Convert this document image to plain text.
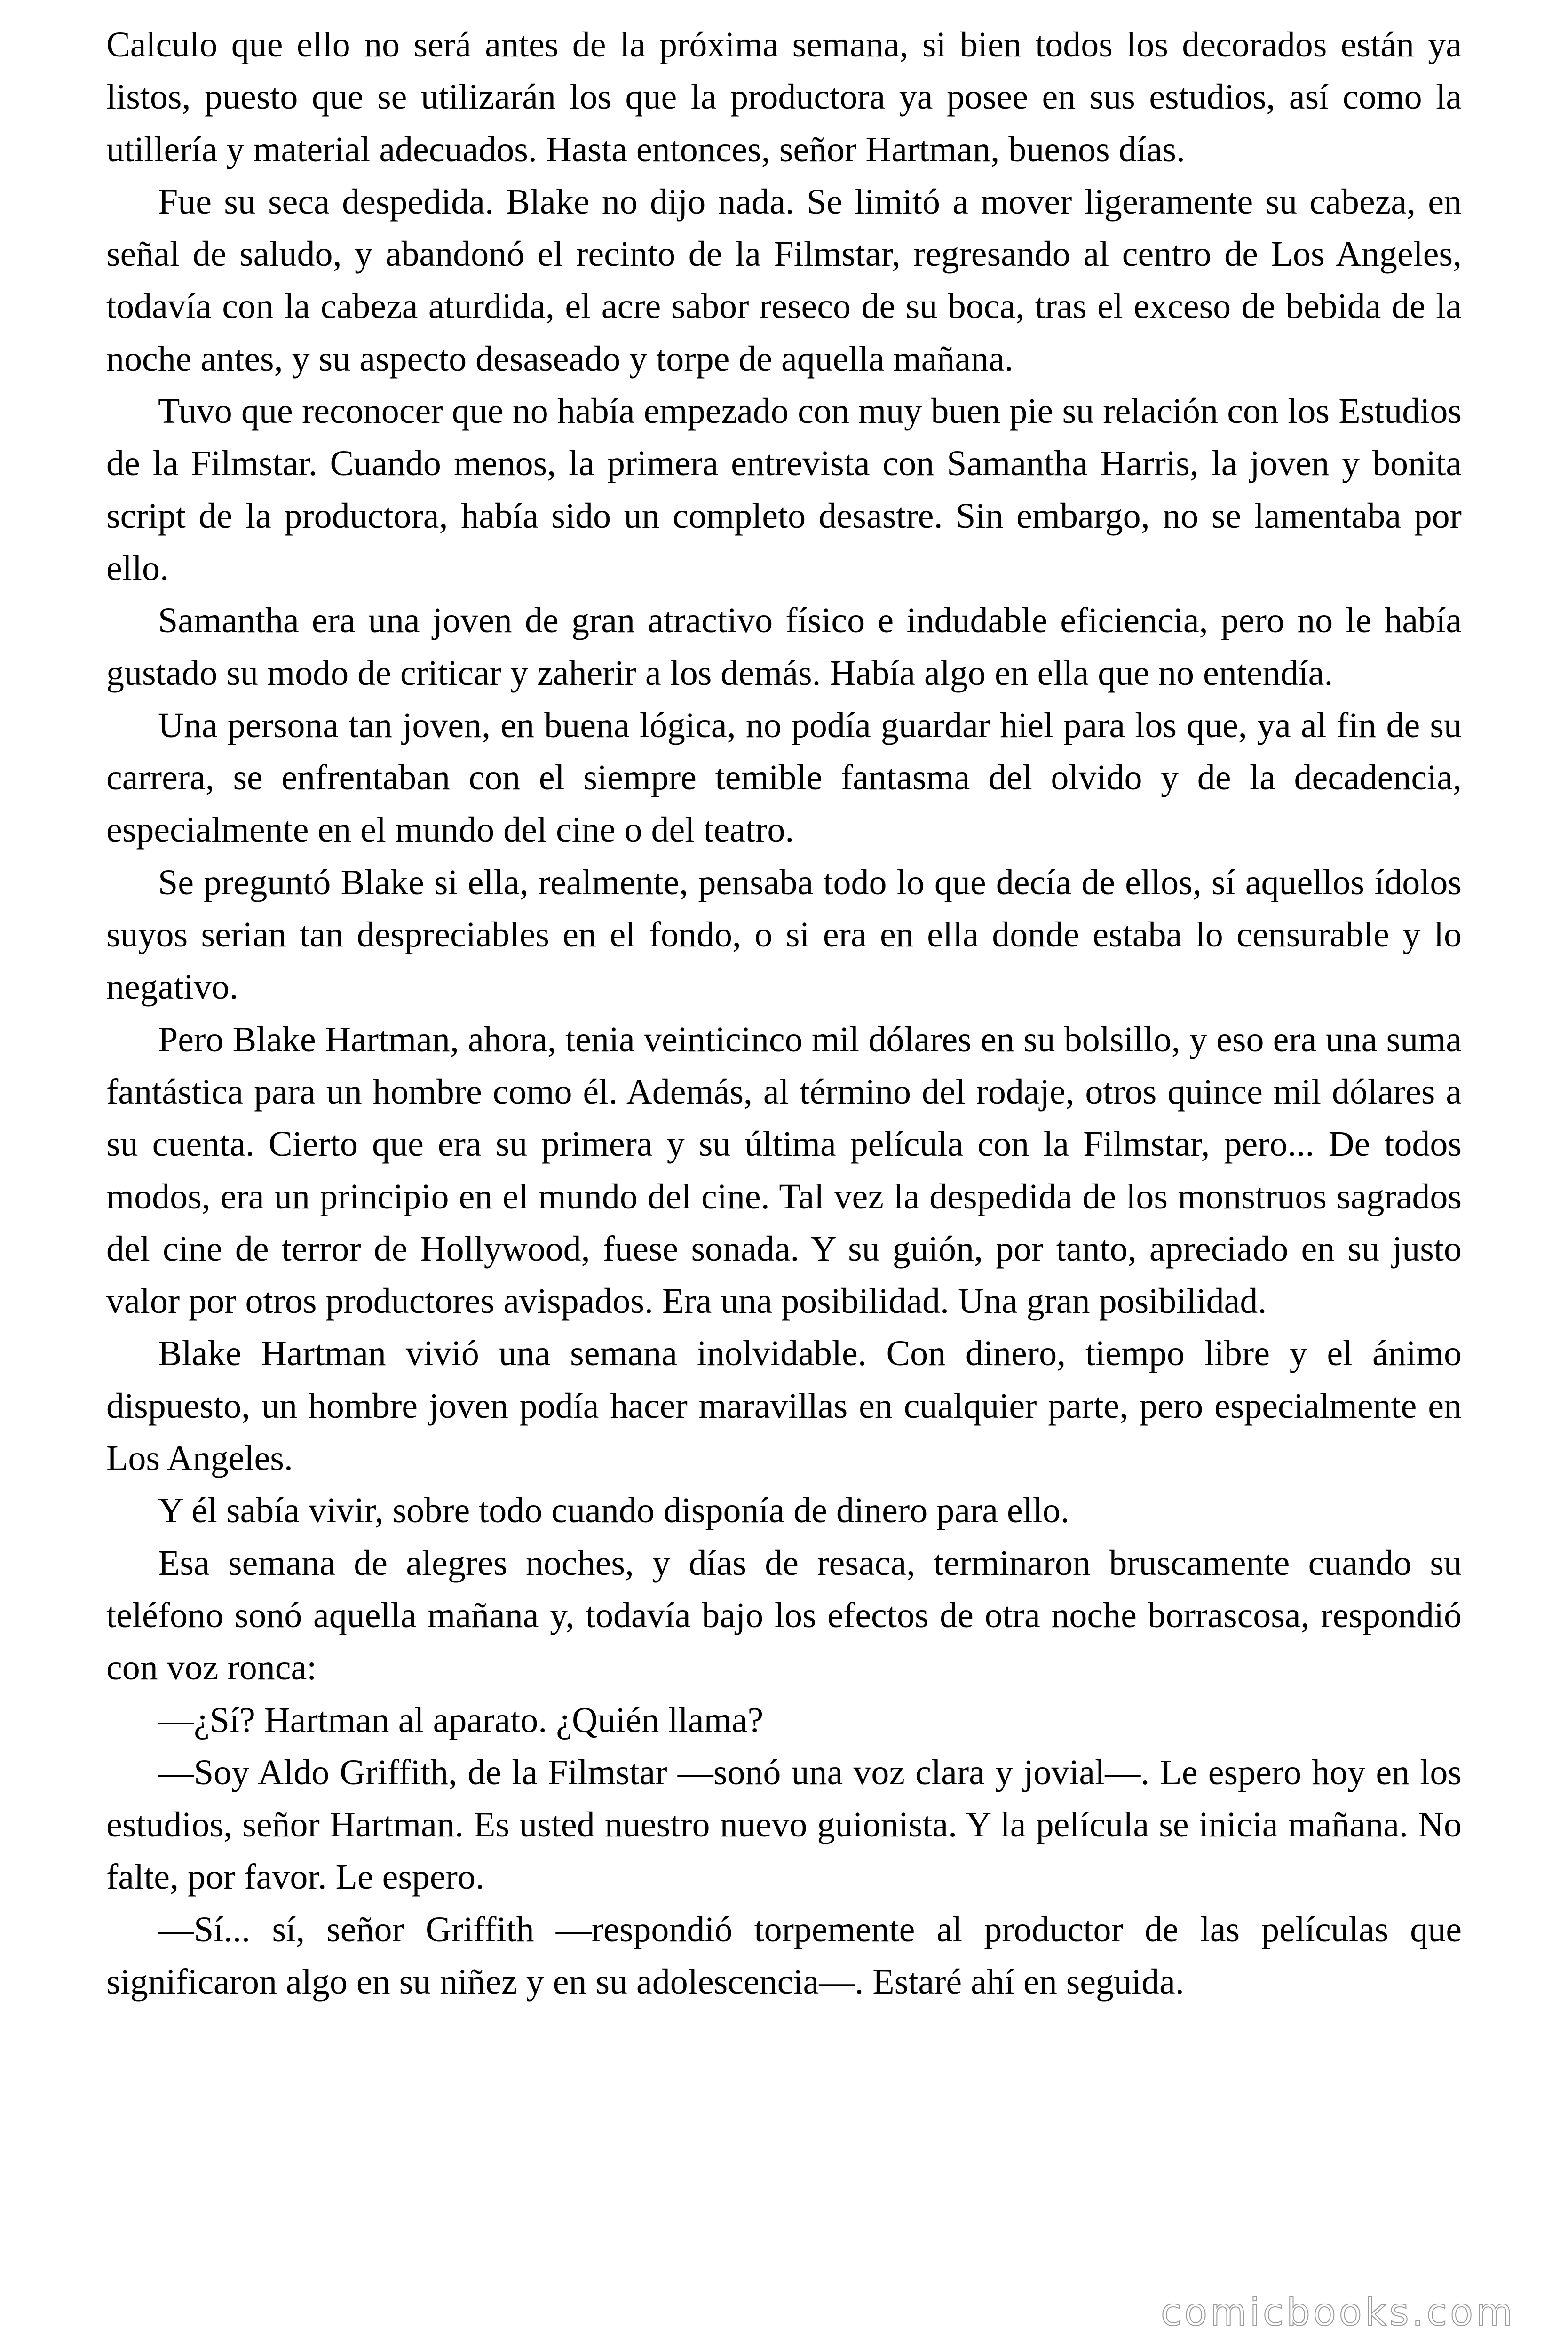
Calculo que ello no será antes de la próxima semana, si bien todos los decorados están ya listos, puesto que se utilizarán los que la productora ya posee en sus estudios, así como la utillería y material adecuados. Hasta entonces, señor Hartman, buenos días.

Fue su seca despedida. Blake no dijo nada. Se limitó a mover ligeramente su cabeza, en señal de saludo, y abandonó el recinto de la Filmstar, regresando al centro de Los Angeles, todavía con la cabeza aturdida, el acre sabor reseco de su boca, tras el exceso de bebida de la noche antes, y su aspecto desaseado y torpe de aquella mañana.

Tuvo que reconocer que no había empezado con muy buen pie su relación con los Estudios de la Filmstar. Cuando menos, la primera entrevista con Samantha Harris, la joven y bonita script de la productora, había sido un completo desastre. Sin embargo, no se lamentaba por ello.

Samantha era una joven de gran atractivo físico e indudable eficiencia, pero no le había gustado su modo de criticar y zaherir a los demás. Había algo en ella que no entendía.

Una persona tan joven, en buena lógica, no podía guardar hiel para los que, ya al fin de su carrera, se enfrentaban con el siempre temible fantasma del olvido y de la decadencia, especialmente en el mundo del cine o del teatro.

Se preguntó Blake si ella, realmente, pensaba todo lo que decía de ellos, sí aquellos ídolos suyos serian tan despreciables en el fondo, o si era en ella donde estaba lo censurable y lo negativo.

Pero Blake Hartman, ahora, tenia veinticinco mil dólares en su bolsillo, y eso era una suma fantástica para un hombre como él. Además, al término del rodaje, otros quince mil dólares a su cuenta. Cierto que era su primera y su última película con la Filmstar, pero... De todos modos, era un principio en el mundo del cine. Tal vez la despedida de los monstruos sagrados del cine de terror de Hollywood, fuese sonada. Y su guión, por tanto, apreciado en su justo valor por otros productores avispados. Era una posibilidad. Una gran posibilidad.

Blake Hartman vivió una semana inolvidable. Con dinero, tiempo libre y el ánimo dispuesto, un hombre joven podía hacer maravillas en cualquier parte, pero especialmente en Los Angeles.

Y él sabía vivir, sobre todo cuando disponía de dinero para ello.

Esa semana de alegres noches, y días de resaca, terminaron bruscamente cuando su teléfono sonó aquella mañana y, todavía bajo los efectos de otra noche borrascosa, respondió con voz ronca:

—¿Sí? Hartman al aparato. ¿Quién llama?

—Soy Aldo Griffith, de la Filmstar —sonó una voz clara y jovial—. Le espero hoy en los estudios, señor Hartman. Es usted nuestro nuevo guionista. Y la película se inicia mañana. No falte, por favor. Le espero.

—Sí... sí, señor Griffith —respondió torpemente al productor de las películas que significaron algo en su niñez y en su adolescencia—. Estaré ahí en seguida.

comicbooks.com
